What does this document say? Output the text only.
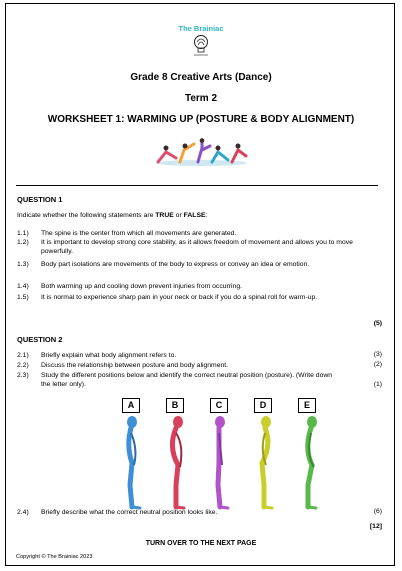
The Brainiac
Grade 8 Creative Arts (Dance)
Term 2
WORKSHEET 1: WARMING UP (POSTURE & BODY ALIGNMENT)
QUESTION 1
Indicate whether the following statements are TRUE or FALSE:
1.1)	The spine is the center from which all movements are generated.
1.2)	It is important to develop strong core stability, as it allows freedom of movement and allows you to move powerfully.
1.3)	Body part isolations are movements of the body to express or convey an idea or emotion.
1.4)	Both warming up and cooling down prevent injuries from occurring.
1.5)	It is normal to experience sharp pain in your neck or back if you do a spinal roll for warm-up.
(5)
QUESTION 2
2.1)	Briefly explain what body alignment refers to.	(3)
2.2)	Discuss the relationship between posture and body alignment.	(2)
2.3)	Study the different positions below and identify the correct neutral position (posture). (Write down the letter only).	(1)
A	B	C	D	E
2.4)	Briefly describe what the correct neutral position looks like.	(6)
[12]
TURN OVER TO THE NEXT PAGE
Copyright © The Brainiac 2023
